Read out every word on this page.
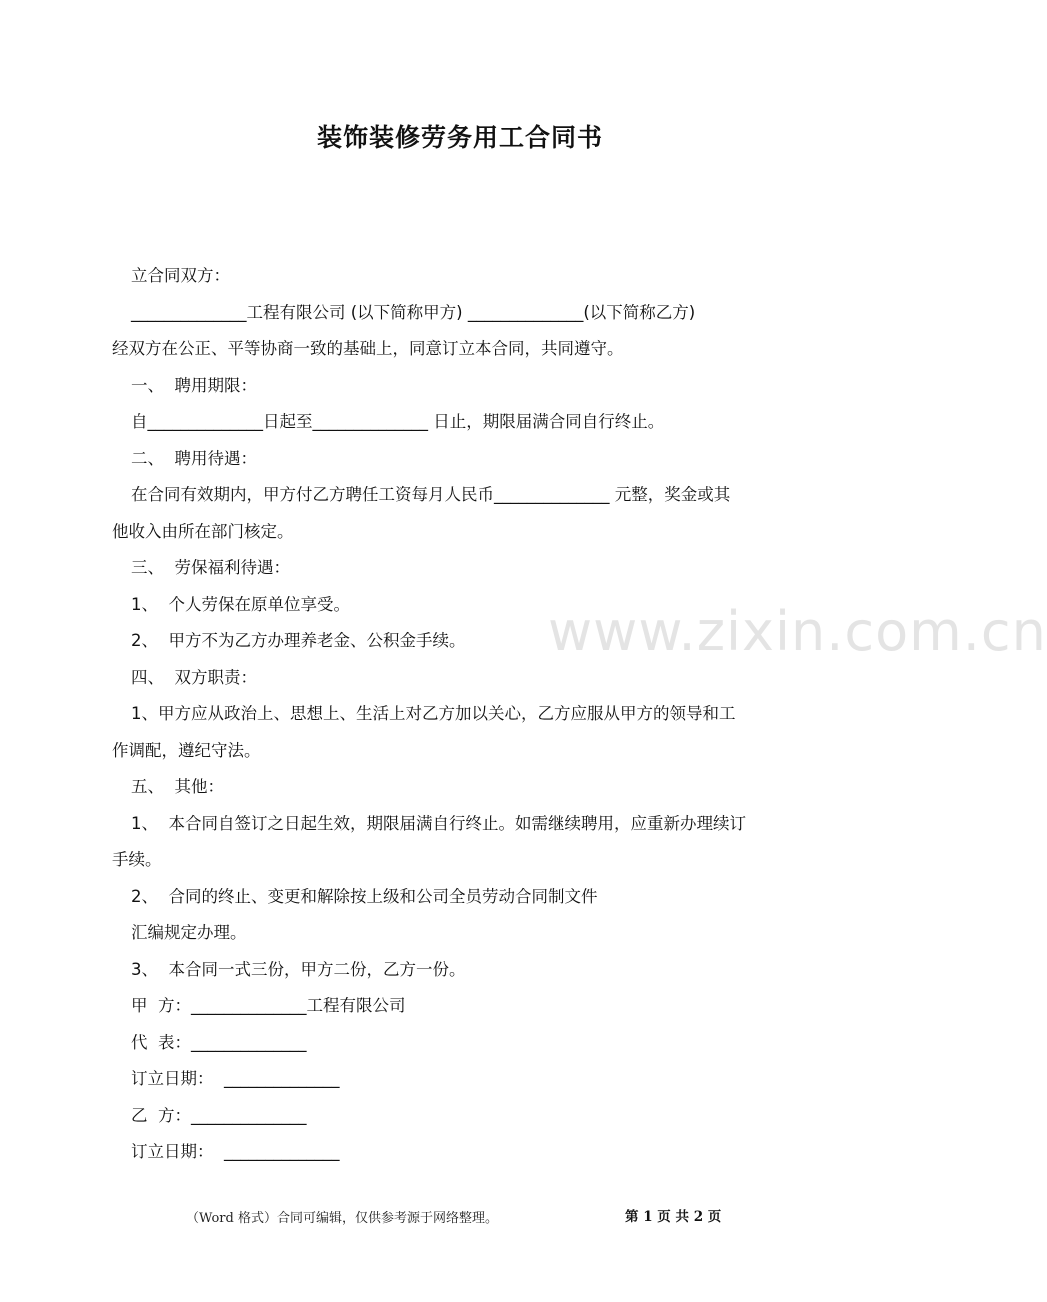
装饰装修劳务用工合同书
www.zixin.com.cn
立合同双方：
______________工程有限公司 (以下简称甲方) ______________(以下简称乙方)
经双方在公正、平等协商一致的基础上，同意订立本合同，共同遵守。
一、  聘用期限：
自______________日起至______________ 日止，期限届满合同自行终止。
二、  聘用待遇：
在合同有效期内，甲方付乙方聘任工资每月人民币______________ 元整，奖金或其
他收入由所在部门核定。
三、  劳保福利待遇：
1、  个人劳保在原单位享受。
2、  甲方不为乙方办理养老金、公积金手续。
四、  双方职责：
1、甲方应从政治上、思想上、生活上对乙方加以关心，乙方应服从甲方的领导和工
作调配，遵纪守法。
五、  其他：
1、  本合同自签订之日起生效，期限届满自行终止。如需继续聘用，应重新办理续订
手续。
2、  合同的终止、变更和解除按上级和公司全员劳动合同制文件
汇编规定办理。
3、  本合同一式三份，甲方二份，乙方一份。
甲  方：______________工程有限公司
代  表：______________
订立日期：  ______________
乙  方：______________
订立日期：  ______________
（Word 格式）合同可编辑，仅供参考源于网络整理。	第 1 页 共 2 页
